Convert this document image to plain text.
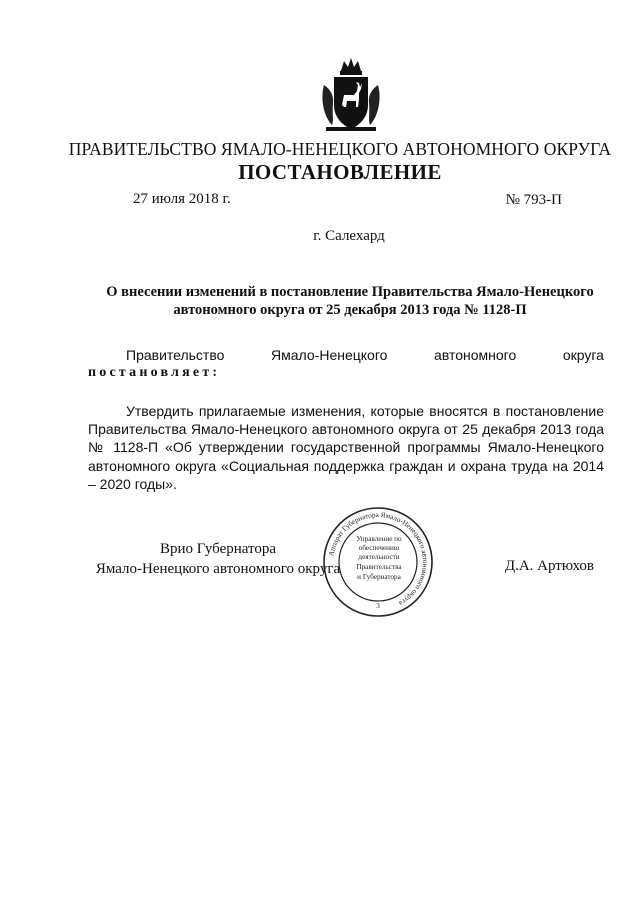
ПРАВИТЕЛЬСТВО ЯМАЛО-НЕНЕЦКОГО АВТОНОМНОГО ОКРУГА
ПОСТАНОВЛЕНИЕ
27 июля 2018 г.	№ 793-П
г. Салехард
О внесении изменений в постановление Правительства Ямало-Ненецкого
автономного округа от 25 декабря 2013 года № 1128-П
Правительство	Ямало-Ненецкого	автономного	округа
постановляет:
Утвердить прилагаемые изменения, которые вносятся в постановление Правительства Ямало-Ненецкого автономного округа от 25 декабря 2013 года № 1128-П «Об утверждении государственной программы Ямало-Ненецкого автономного округа «Социальная поддержка граждан и охрана труда на 2014 – 2020 годы».
Врио Губернатора
Ямало-Ненецкого автономного округа
Аппарат Губернатора Ямало-Ненецкого автономного округа
Управление по
обеспечению
деятельности
Правительства
и Губернатора
3
Д.А. Артюхов
